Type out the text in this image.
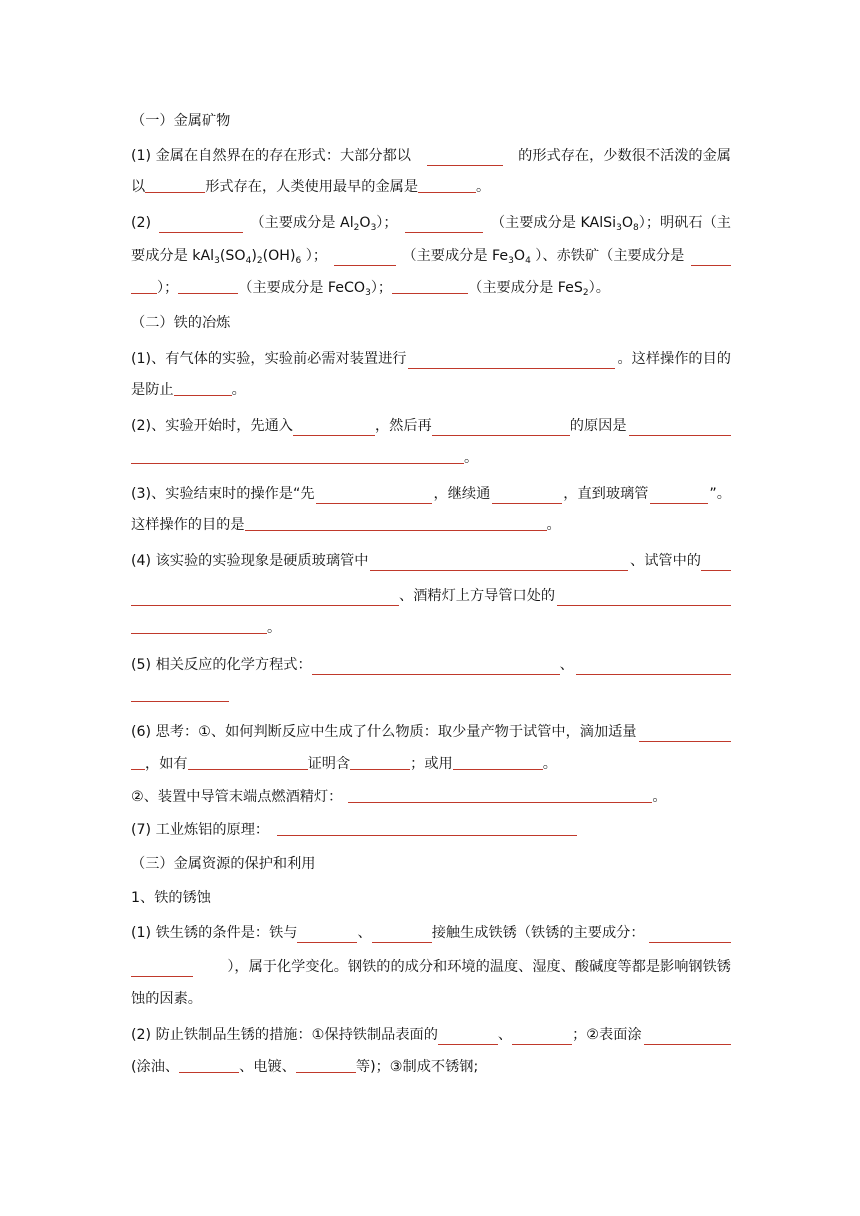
（一）金属矿物
(1) 金属在自然界在的存在形式：大部分都以	的形式存在，少数很不活泼的金属
以	形式存在，人类使用最早的金属是	。
(2)	（主要成分是 $Al_2O_3$）；	（主要成分是 $KAlSi_3O_8$）；明矾石（主
要成分是 $kAl_3(SO_4)_2(OH)_6$ ）；	（主要成分是 $Fe_3O_4$ ）、赤铁矿（主要成分是
）；	（主要成分是 FeCO$_3$）；	（主要成分是 FeS$_2$）。
（二）铁的冶炼
(1)、有气体的实验，实验前必需对装置进行	。这样操作的目的
是防止	。
(2)、实验开始时，先通入	，然后再	的原因是
。
(3)、实验结束时的操作是“先	，继续通	，直到玻璃管	”。
这样操作的目的是	。
(4) 该实验的实验现象是硬质玻璃管中	、试管中的
、酒精灯上方导管口处的
。
(5) 相关反应的化学方程式：	、
(6) 思考：①、如何判断反应中生成了什么物质：取少量产物于试管中，滴加适量
，如有	证明含	；或用	。
②、装置中导管末端点燃酒精灯：	。
(7) 工业炼铝的原理：
（三）金属资源的保护和利用
1、铁的锈蚀
(1) 铁生锈的条件是：铁与	、	接触生成铁锈（铁锈的主要成分：
），属于化学变化。钢铁的的成分和环境的温度、湿度、酸碱度等都是影响钢铁锈
蚀的因素。
(2) 防止铁制品生锈的措施：①保持铁制品表面的	、	；②表面涂
(涂油、	、电镀、	等)；③制成不锈钢;
